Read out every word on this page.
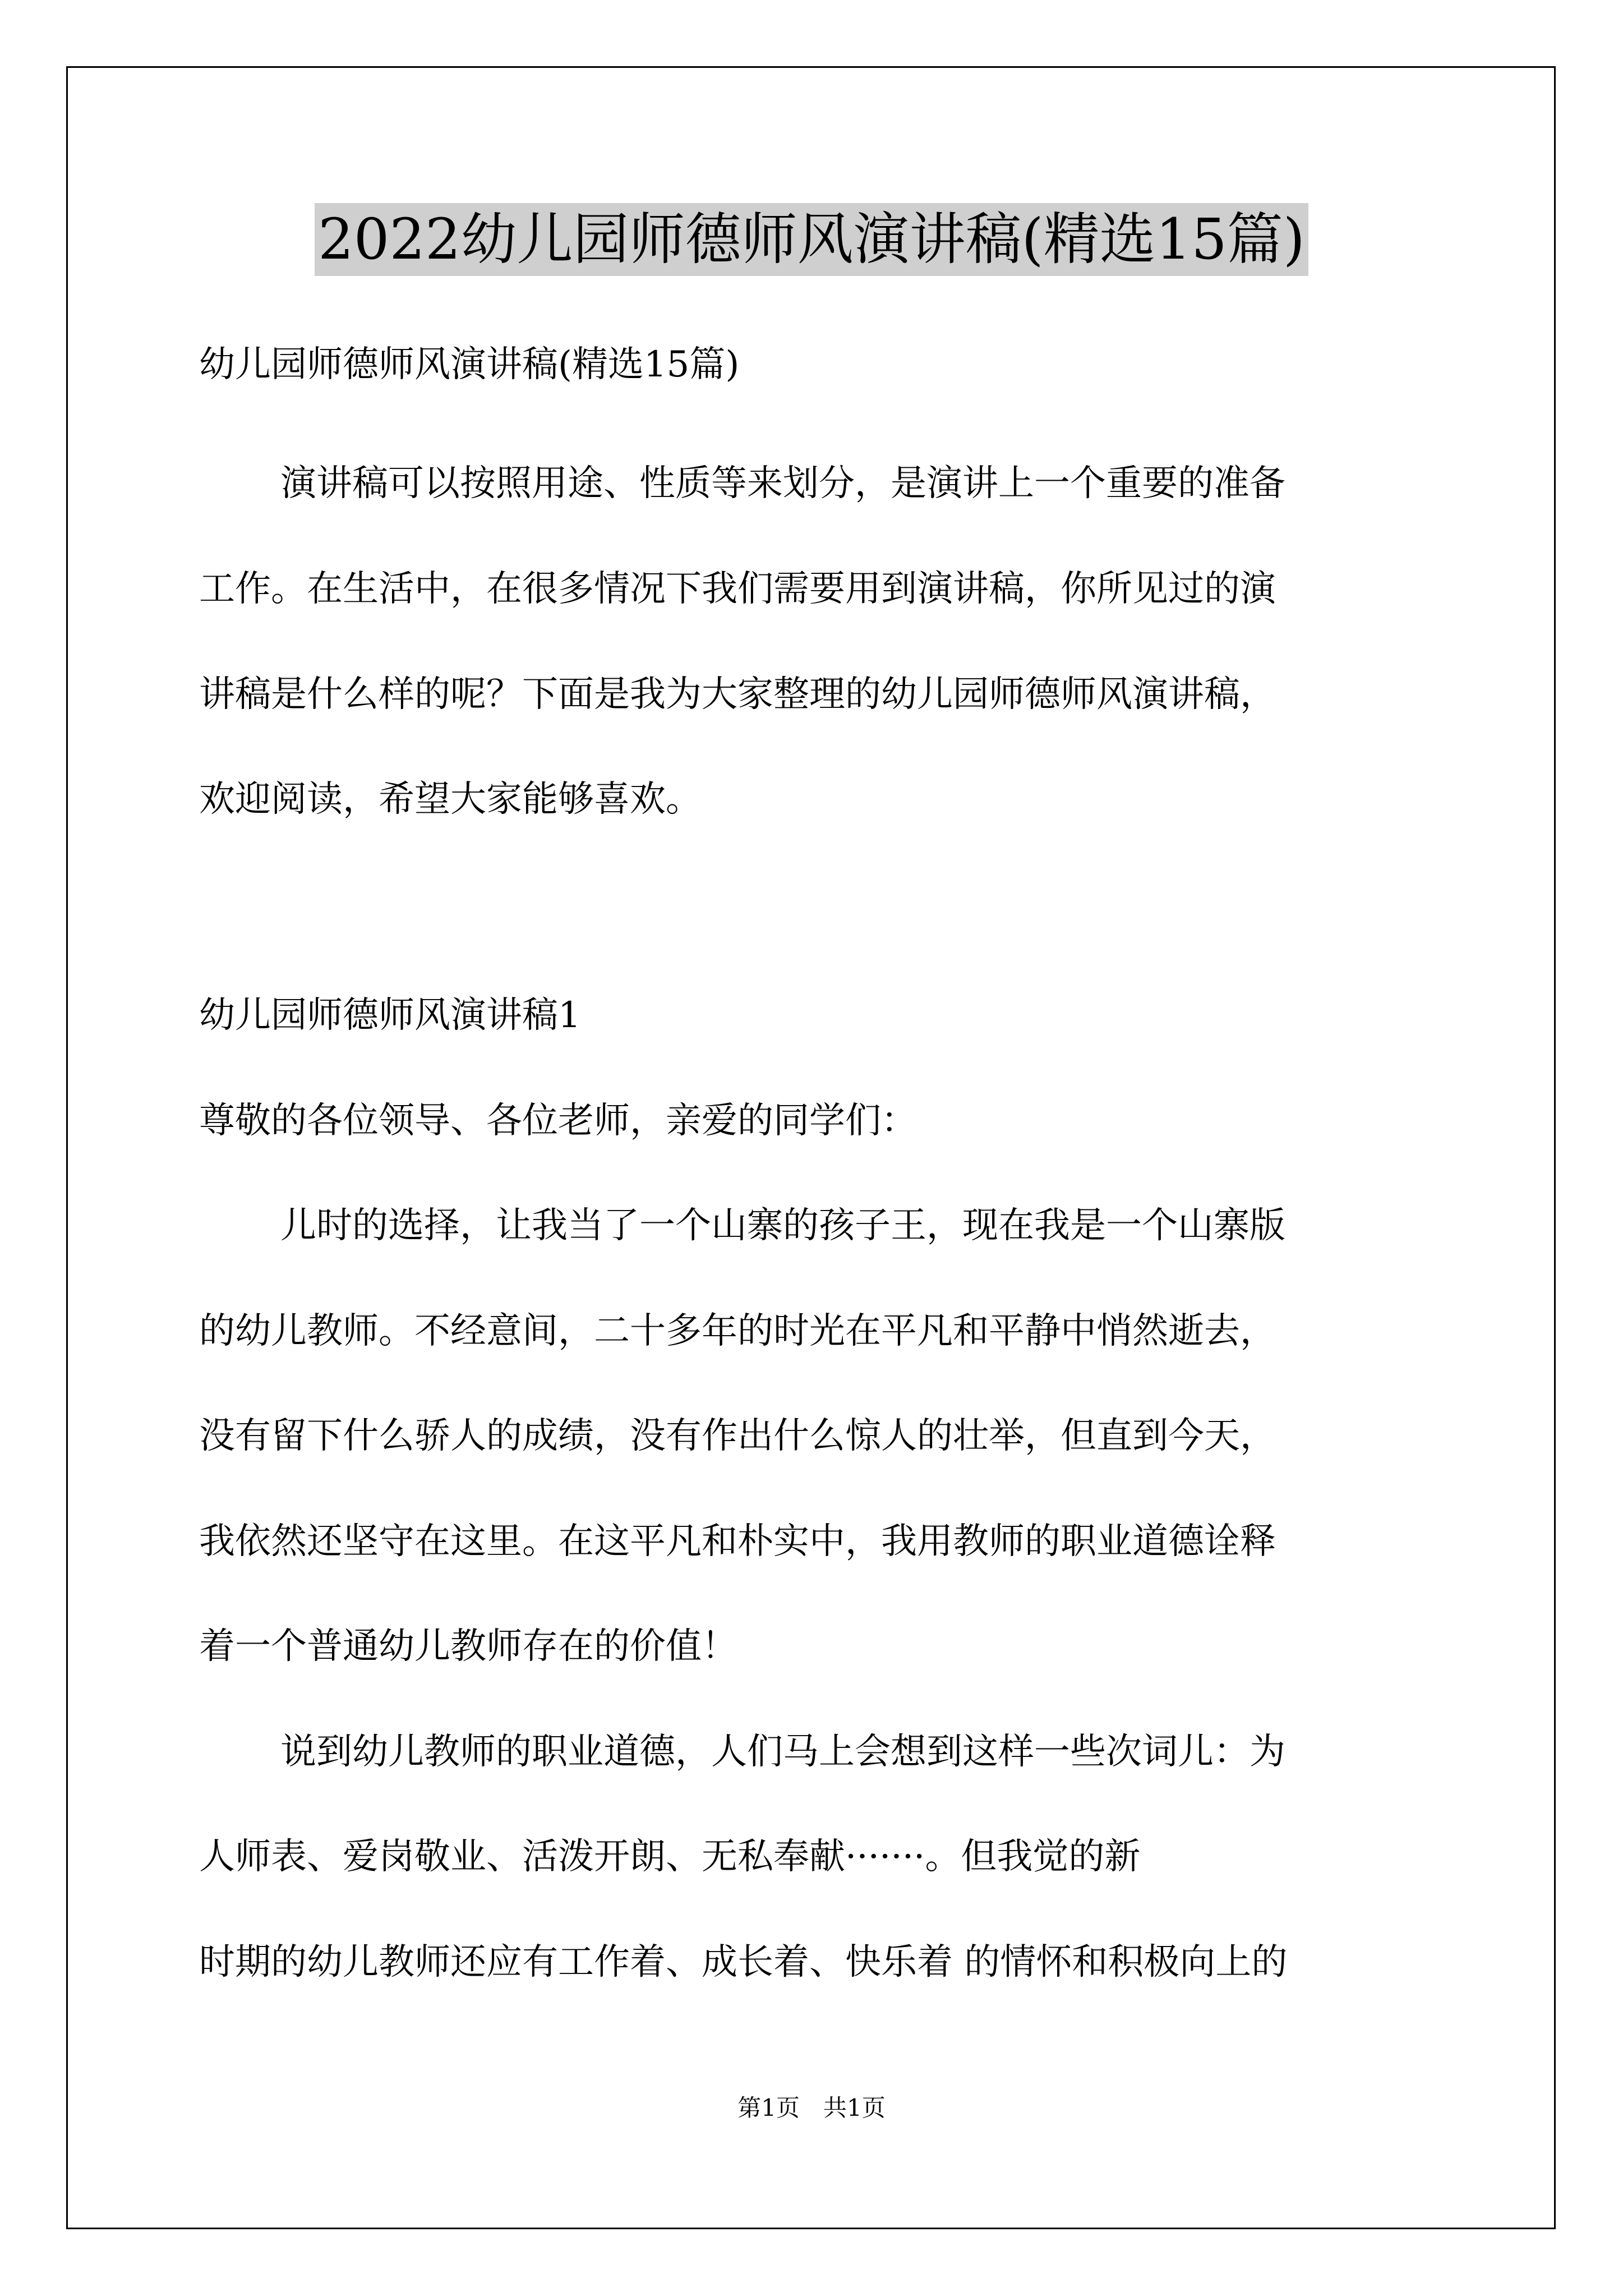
2022幼儿园师德师风演讲稿(精选15篇)
幼儿园师德师风演讲稿(精选15篇)
演讲稿可以按照用途、性质等来划分，是演讲上一个重要的准备
工作。在生活中，在很多情况下我们需要用到演讲稿，你所见过的演
讲稿是什么样的呢？下面是我为大家整理的幼儿园师德师风演讲稿，
欢迎阅读，希望大家能够喜欢。
幼儿园师德师风演讲稿1
尊敬的各位领导、各位老师，亲爱的同学们：
儿时的选择，让我当了一个山寨的孩子王，现在我是一个山寨版
的幼儿教师。不经意间，二十多年的时光在平凡和平静中悄然逝去，
没有留下什么骄人的成绩，没有作出什么惊人的壮举，但直到今天，
我依然还坚守在这里。在这平凡和朴实中，我用教师的职业道德诠释
着一个普通幼儿教师存在的价值！
说到幼儿教师的职业道德，人们马上会想到这样一些次词儿：为
人师表、爱岗敬业、活泼开朗、无私奉献·······。但我觉的新
时期的幼儿教师还应有工作着、成长着、快乐着 的情怀和积极向上的
第1页　共1页
